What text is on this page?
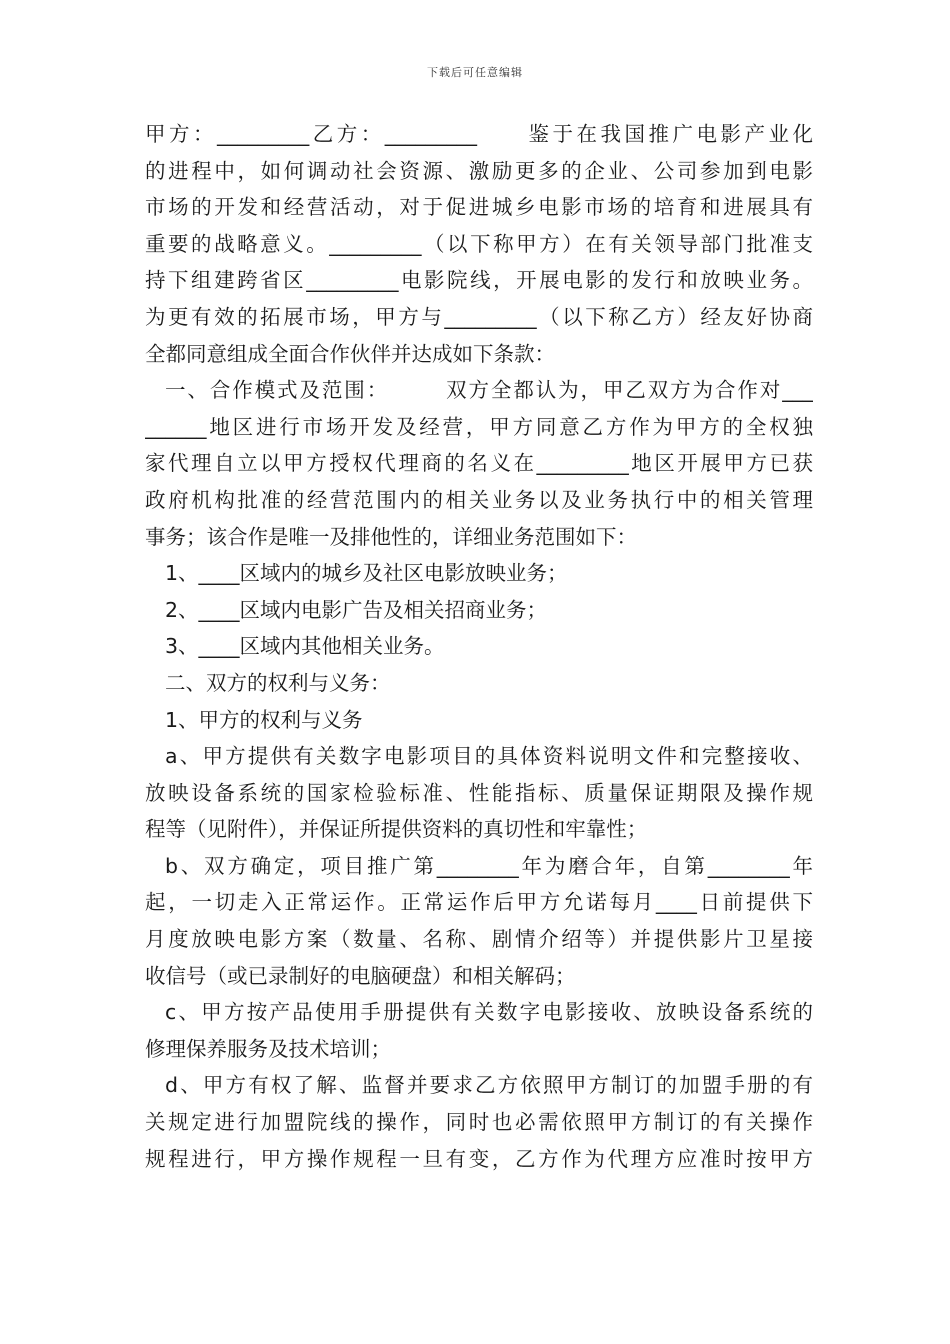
下载后可任意编辑
甲方：_________乙方：_________　　鉴于在我国推广电影产业化
的进程中，如何调动社会资源、激励更多的企业、公司参加到电影
市场的开发和经营活动，对于促进城乡电影市场的培育和进展具有
重要的战略意义。_________（以下称甲方）在有关领导部门批准支
持下组建跨省区_________电影院线，开展电影的发行和放映业务。
为更有效的拓展市场，甲方与_________（以下称乙方）经友好协商
全都同意组成全面合作伙伴并达成如下条款：
一、合作模式及范围：　　　双方全都认为，甲乙双方为合作对___
______地区进行市场开发及经营，甲方同意乙方作为甲方的全权独
家代理自立以甲方授权代理商的名义在_________地区开展甲方已获
政府机构批准的经营范围内的相关业务以及业务执行中的相关管理
事务；该合作是唯一及排他性的，详细业务范围如下：
1、____区域内的城乡及社区电影放映业务；
2、____区域内电影广告及相关招商业务；
3、____区域内其他相关业务。
二、双方的权利与义务：
1、甲方的权利与义务
a、甲方提供有关数字电影项目的具体资料说明文件和完整接收、
放映设备系统的国家检验标准、性能指标、质量保证期限及操作规
程等（见附件），并保证所提供资料的真切性和牢靠性；
b、双方确定，项目推广第________年为磨合年，自第________年
起，一切走入正常运作。正常运作后甲方允诺每月____日前提供下
月度放映电影方案（数量、名称、剧情介绍等）并提供影片卫星接
收信号（或已录制好的电脑硬盘）和相关解码；
c、甲方按产品使用手册提供有关数字电影接收、放映设备系统的
修理保养服务及技术培训；
d、甲方有权了解、监督并要求乙方依照甲方制订的加盟手册的有
关规定进行加盟院线的操作，同时也必需依照甲方制订的有关操作
规程进行，甲方操作规程一旦有变，乙方作为代理方应准时按甲方
